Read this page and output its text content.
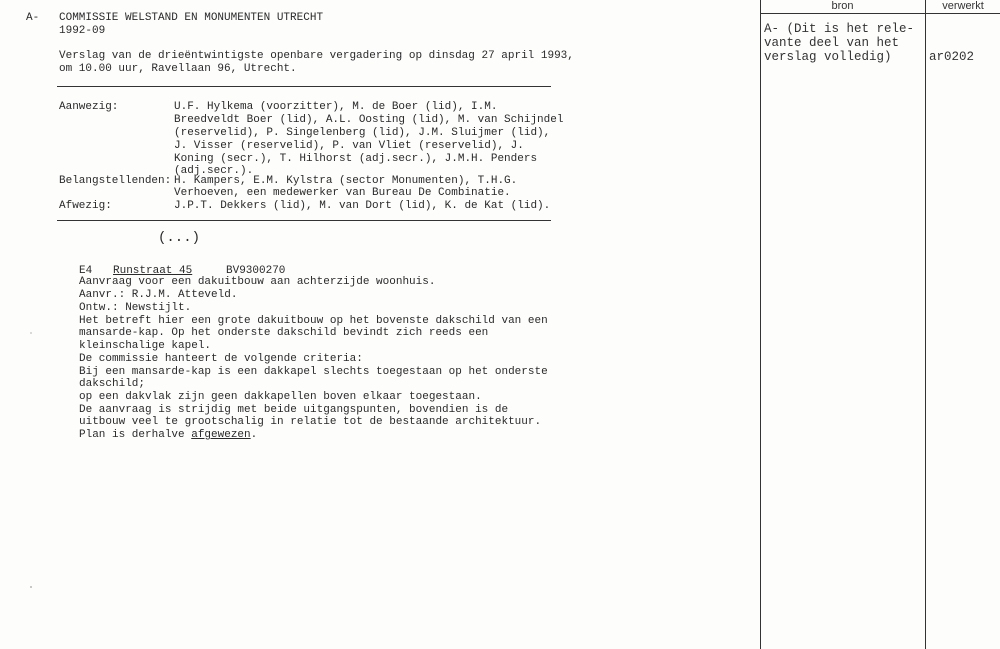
A- COMMISSIE WELSTAND EN MONUMENTEN UTRECHT
1992-09
Verslag van de drieëntwintigste openbare vergadering op dinsdag 27 april 1993,
om 10.00 uur, Ravellaan 96, Utrecht.
Aanwezig:	U.F. Hylkema (voorzitter), M. de Boer (lid), I.M.
Breedveldt Boer (lid), A.L. Oosting (lid), M. van Schijndel
(reservelid), P. Singelenberg (lid), J.M. Sluijmer (lid),
J. Visser (reservelid), P. van Vliet (reservelid), J.
Koning (secr.), T. Hilhorst (adj.secr.), J.M.H. Penders
(adj.secr.).
Belangstellenden: H. Kampers, E.M. Kylstra (sector Monumenten), T.H.G.
Verhoeven, een medewerker van Bureau De Combinatie.
Afwezig:	J.P.T. Dekkers (lid), M. van Dort (lid), K. de Kat (lid).
(...)
E4 Runstraat 45	BV9300270
Aanvraag voor een dakuitbouw aan achterzijde woonhuis.
Aanvr.: R.J.M. Atteveld.
Ontw.: Newstijlt.
Het betreft hier een grote dakuitbouw op het bovenste dakschild van een
mansarde-kap. Op het onderste dakschild bevindt zich reeds een
kleinschalige kapel.
De commissie hanteert de volgende criteria:
Bij een mansarde-kap is een dakkapel slechts toegestaan op het onderste
dakschild;
op een dakvlak zijn geen dakkapellen boven elkaar toegestaan.
De aanvraag is strijdig met beide uitgangspunten, bovendien is de
uitbouw veel te grootschalig in relatie tot de bestaande architektuur.
Plan is derhalve afgewezen.
bron	verwerkt
A- (Dit is het rele-
vante deel van het
verslag volledig)	ar0202
